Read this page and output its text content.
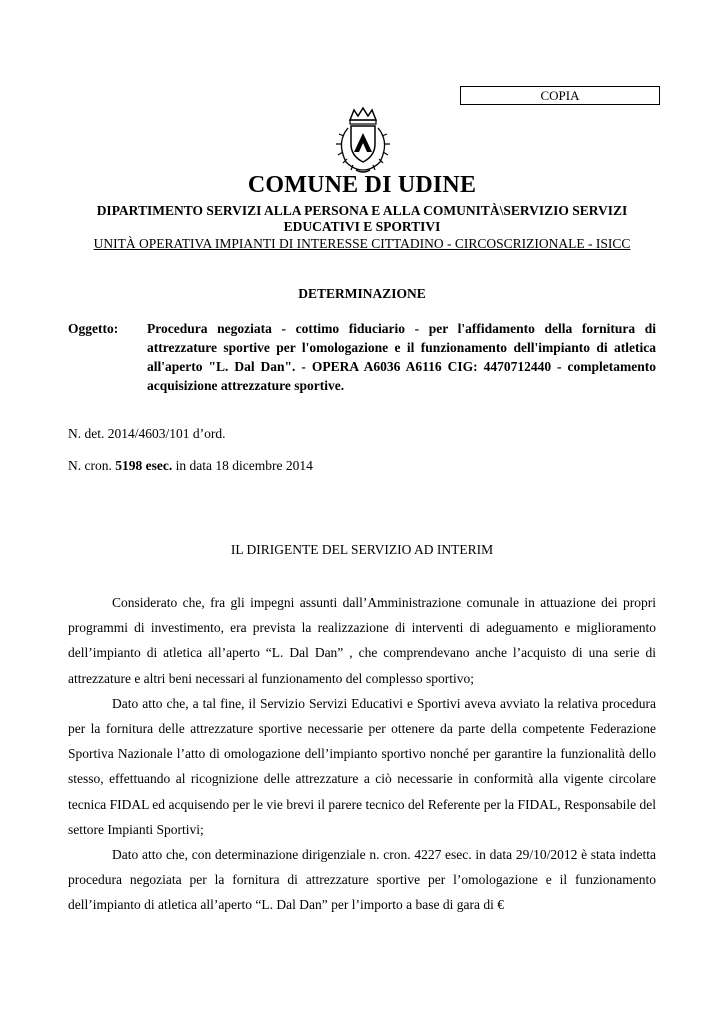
COPIA
COMUNE DI UDINE
DIPARTIMENTO SERVIZI ALLA PERSONA E ALLA COMUNITÀ\SERVIZIO SERVIZI EDUCATIVI E SPORTIVI
UNITÀ OPERATIVA IMPIANTI DI INTERESSE CITTADINO - CIRCOSCRIZIONALE - ISICC
DETERMINAZIONE
Oggetto: Procedura negoziata - cottimo fiduciario - per l'affidamento della fornitura di attrezzature sportive per l'omologazione e il funzionamento dell'impianto di atletica all'aperto "L. Dal Dan". - OPERA A6036 A6116 CIG: 4470712440 - completamento acquisizione attrezzature sportive.
N. det. 2014/4603/101 d’ord.
N. cron. 5198 esec. in data 18 dicembre 2014
IL DIRIGENTE DEL SERVIZIO AD INTERIM

Considerato che, fra gli impegni assunti dall’Amministrazione comunale in attuazione dei propri programmi di investimento, era prevista la realizzazione di interventi di adeguamento e miglioramento dell’impianto di atletica all’aperto “L. Dal Dan” , che comprendevano anche l’acquisto di una serie di attrezzature e altri beni necessari al funzionamento del complesso sportivo;

Dato atto che, a tal fine, il Servizio Servizi Educativi e Sportivi aveva avviato la relativa procedura per la fornitura delle attrezzature sportive necessarie per ottenere da parte della competente Federazione Sportiva Nazionale l’atto di omologazione dell’impianto sportivo nonché per garantire la funzionalità dello stesso, effettuando al ricognizione delle attrezzature a ciò necessarie in conformità alla vigente circolare tecnica FIDAL ed acquisendo per le vie brevi il parere tecnico del Referente per la FIDAL, Responsabile del settore Impianti Sportivi;

Dato atto che, con determinazione dirigenziale n. cron. 4227 esec. in data 29/10/2012 è stata indetta procedura negoziata per la fornitura di attrezzature sportive per l’omologazione e il funzionamento dell’impianto di atletica all’aperto “L. Dal Dan” per l’importo a base di gara di €
